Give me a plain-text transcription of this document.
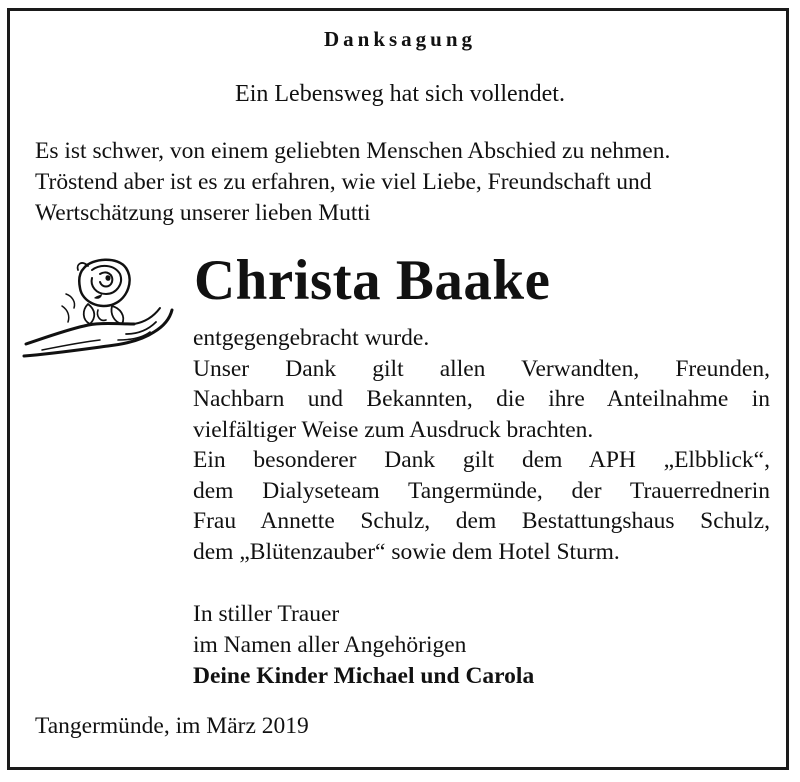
Danksagung
Ein Lebensweg hat sich vollendet.
Es ist schwer, von einem geliebten Menschen Abschied zu nehmen.
Tröstend aber ist es zu erfahren, wie viel Liebe, Freundschaft und
Wertschätzung unserer lieben Mutti
Christa Baake
entgegengebracht wurde.
Unser Dank gilt allen Verwandten, Freunden,
Nachbarn und Bekannten, die ihre Anteilnahme in
vielfältiger Weise zum Ausdruck brachten.
Ein besonderer Dank gilt dem APH „Elbblick“,
dem Dialyseteam Tangermünde, der Trauerrednerin
Frau Annette Schulz, dem Bestattungshaus Schulz,
dem „Blütenzauber“ sowie dem Hotel Sturm.
In stiller Trauer
im Namen aller Angehörigen
Deine Kinder Michael und Carola
Tangermünde, im März 2019
